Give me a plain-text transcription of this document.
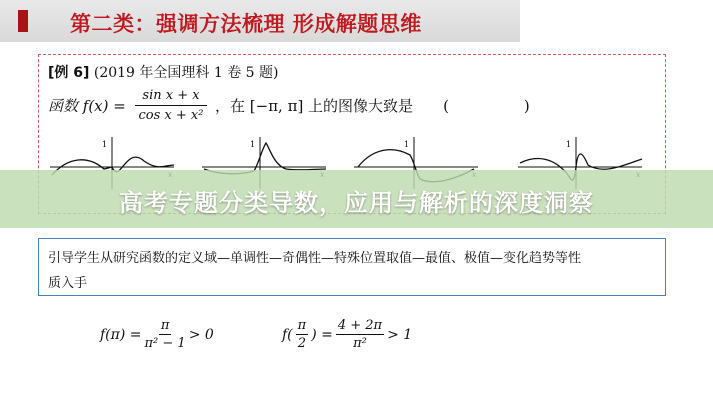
第二类：强调方法梳理 形成解题思维
[例 6] (2019 年全国理科 1 卷 5 题)
函数 $f(x) = \frac{\text{sin x + x}}{\text{cos x + x²}}$ ，在 [−π, π] 上的图像大致是　　(　　　　　)
1	1	1	1
高考专题分类导数，应用与解析的深度洞察
引导学生从研究函数的定义域—单调性—奇偶性—特殊位置取值—最值、极值—变化趋势等性
质入手
$f(\pi) = \frac{\pi}{\text{π² − 1}} > 0$	$f( \frac{\pi}{2}$ ) = $\frac{4 + 2\pi}{\text{π²}} > 1$
